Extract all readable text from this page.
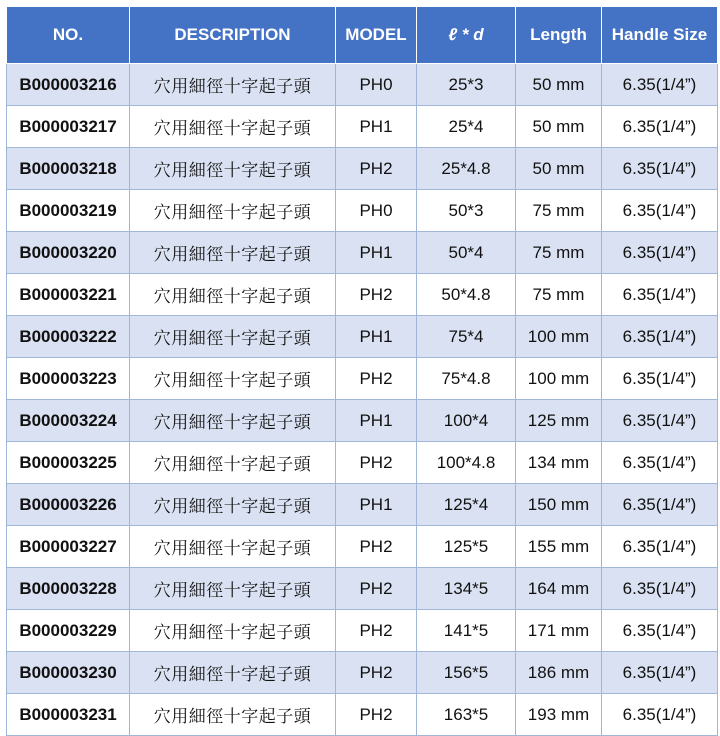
NO.	DESCRIPTION	MODEL	ℓ * d	Length	Handle Size
B000003216	穴用細徑十字起子頭	PH0	25*3	50 mm	6.35(1/4”)
B000003217	穴用細徑十字起子頭	PH1	25*4	50 mm	6.35(1/4”)
B000003218	穴用細徑十字起子頭	PH2	25*4.8	50 mm	6.35(1/4”)
B000003219	穴用細徑十字起子頭	PH0	50*3	75 mm	6.35(1/4”)
B000003220	穴用細徑十字起子頭	PH1	50*4	75 mm	6.35(1/4”)
B000003221	穴用細徑十字起子頭	PH2	50*4.8	75 mm	6.35(1/4”)
B000003222	穴用細徑十字起子頭	PH1	75*4	100 mm	6.35(1/4”)
B000003223	穴用細徑十字起子頭	PH2	75*4.8	100 mm	6.35(1/4”)
B000003224	穴用細徑十字起子頭	PH1	100*4	125 mm	6.35(1/4”)
B000003225	穴用細徑十字起子頭	PH2	100*4.8	134 mm	6.35(1/4”)
B000003226	穴用細徑十字起子頭	PH1	125*4	150 mm	6.35(1/4”)
B000003227	穴用細徑十字起子頭	PH2	125*5	155 mm	6.35(1/4”)
B000003228	穴用細徑十字起子頭	PH2	134*5	164 mm	6.35(1/4”)
B000003229	穴用細徑十字起子頭	PH2	141*5	171 mm	6.35(1/4”)
B000003230	穴用細徑十字起子頭	PH2	156*5	186 mm	6.35(1/4”)
B000003231	穴用細徑十字起子頭	PH2	163*5	193 mm	6.35(1/4”)
